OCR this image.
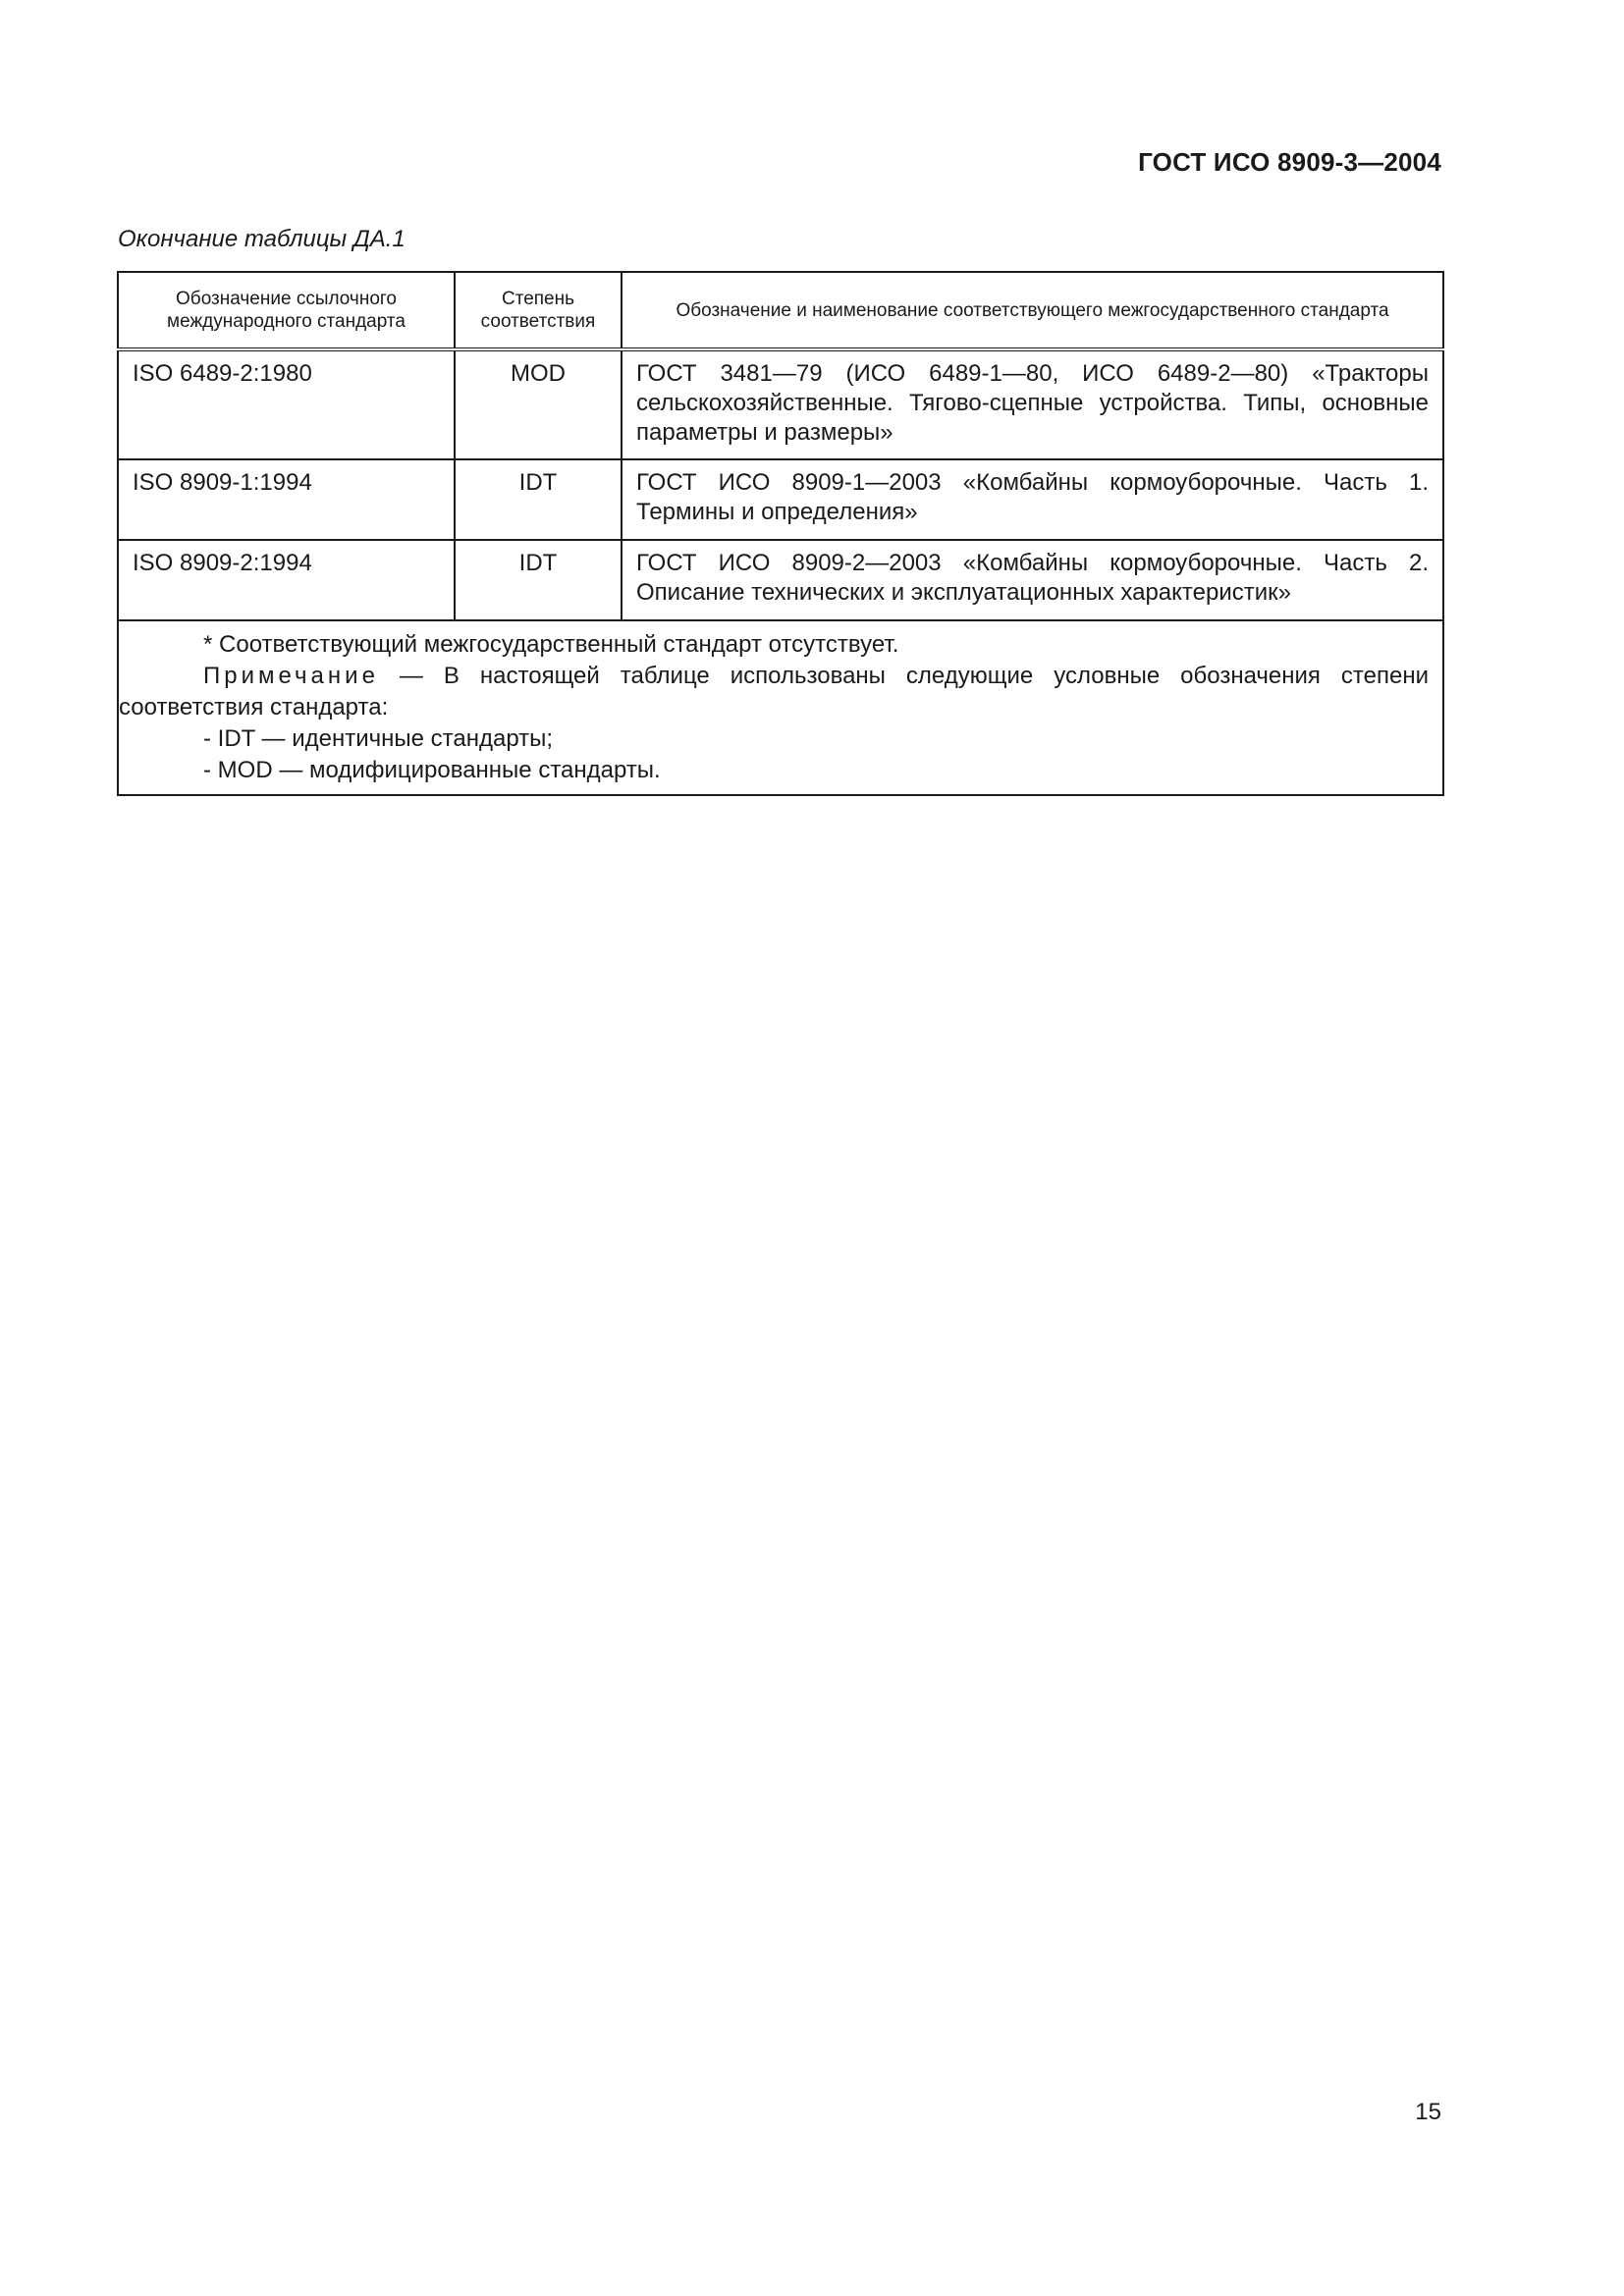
ГОСТ ИСО 8909-3—2004
Окончание таблицы ДА.1
Обозначение ссылочного международного стандарта	Степень соответствия	Обозначение и наименование соответствующего межгосударственного стандарта
ISO 6489-2:1980	MOD	ГОСТ 3481—79 (ИСО 6489-1—80, ИСО 6489-2—80) «Тракторы сельскохозяйственные. Тягово-сцепные устройства. Типы, основные параметры и размеры»
ISO 8909-1:1994	IDT	ГОСТ ИСО 8909-1—2003 «Комбайны кормоуборочные. Часть 1. Термины и определения»
ISO 8909-2:1994	IDT	ГОСТ ИСО 8909-2—2003 «Комбайны кормоуборочные. Часть 2. Описание технических и эксплуатационных характеристик»

* Соответствующий межгосударственный стандарт отсутствует.
Примечание — В настоящей таблице использованы следующие условные обозначения степени соответствия стандарта:
- IDT — идентичные стандарты;
- MOD — модифицированные стандарты.		
15
